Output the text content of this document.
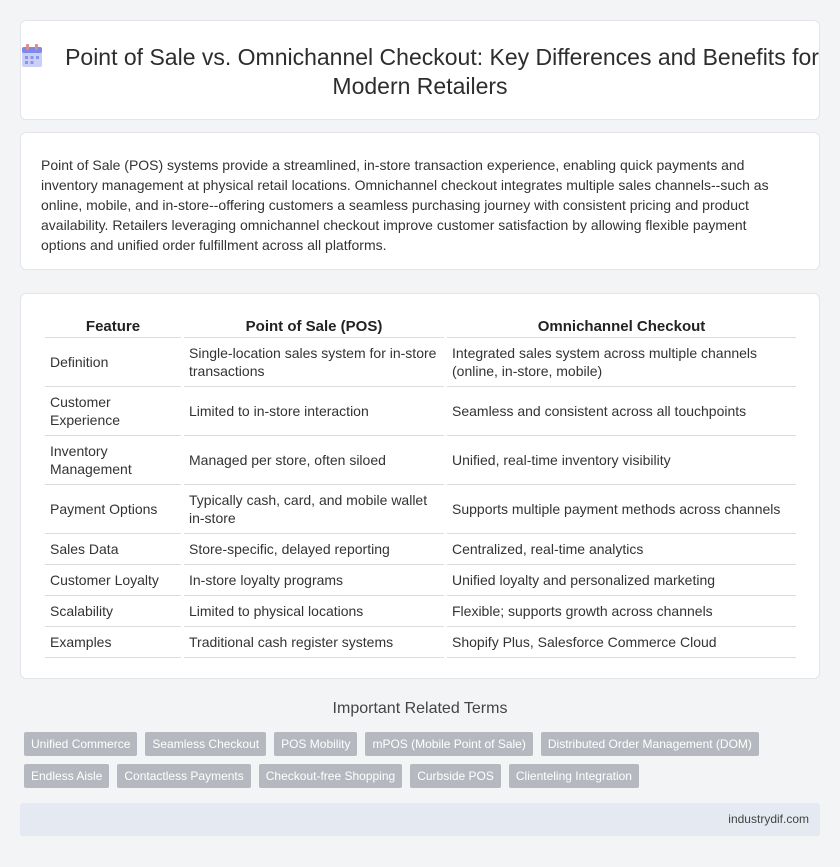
Point of Sale vs. Omnichannel Checkout: Key Differences and Benefits for Modern Retailers

Point of Sale (POS) systems provide a streamlined, in-store transaction experience, enabling quick payments and inventory management at physical retail locations. Omnichannel checkout integrates multiple sales channels--such as online, mobile, and in-store--offering customers a seamless purchasing journey with consistent pricing and product availability. Retailers leveraging omnichannel checkout improve customer satisfaction by allowing flexible payment options and unified order fulfillment across all platforms.

Feature	Point of Sale (POS)	Omnichannel Checkout
Definition	Single-location sales system for in-store transactions	Integrated sales system across multiple channels (online, in-store, mobile)
Customer Experience	Limited to in-store interaction	Seamless and consistent across all touchpoints
Inventory Management	Managed per store, often siloed	Unified, real-time inventory visibility
Payment Options	Typically cash, card, and mobile wallet in-store	Supports multiple payment methods across channels
Sales Data	Store-specific, delayed reporting	Centralized, real-time analytics
Customer Loyalty	In-store loyalty programs	Unified loyalty and personalized marketing
Scalability	Limited to physical locations	Flexible; supports growth across channels
Examples	Traditional cash register systems	Shopify Plus, Salesforce Commerce Cloud
Important Related Terms
Unified Commerce	Seamless Checkout	POS Mobility	mPOS (Mobile Point of Sale)	Distributed Order Management (DOM)
Endless Aisle	Contactless Payments	Checkout-free Shopping	Curbside POS	Clienteling Integration
industrydif.com
